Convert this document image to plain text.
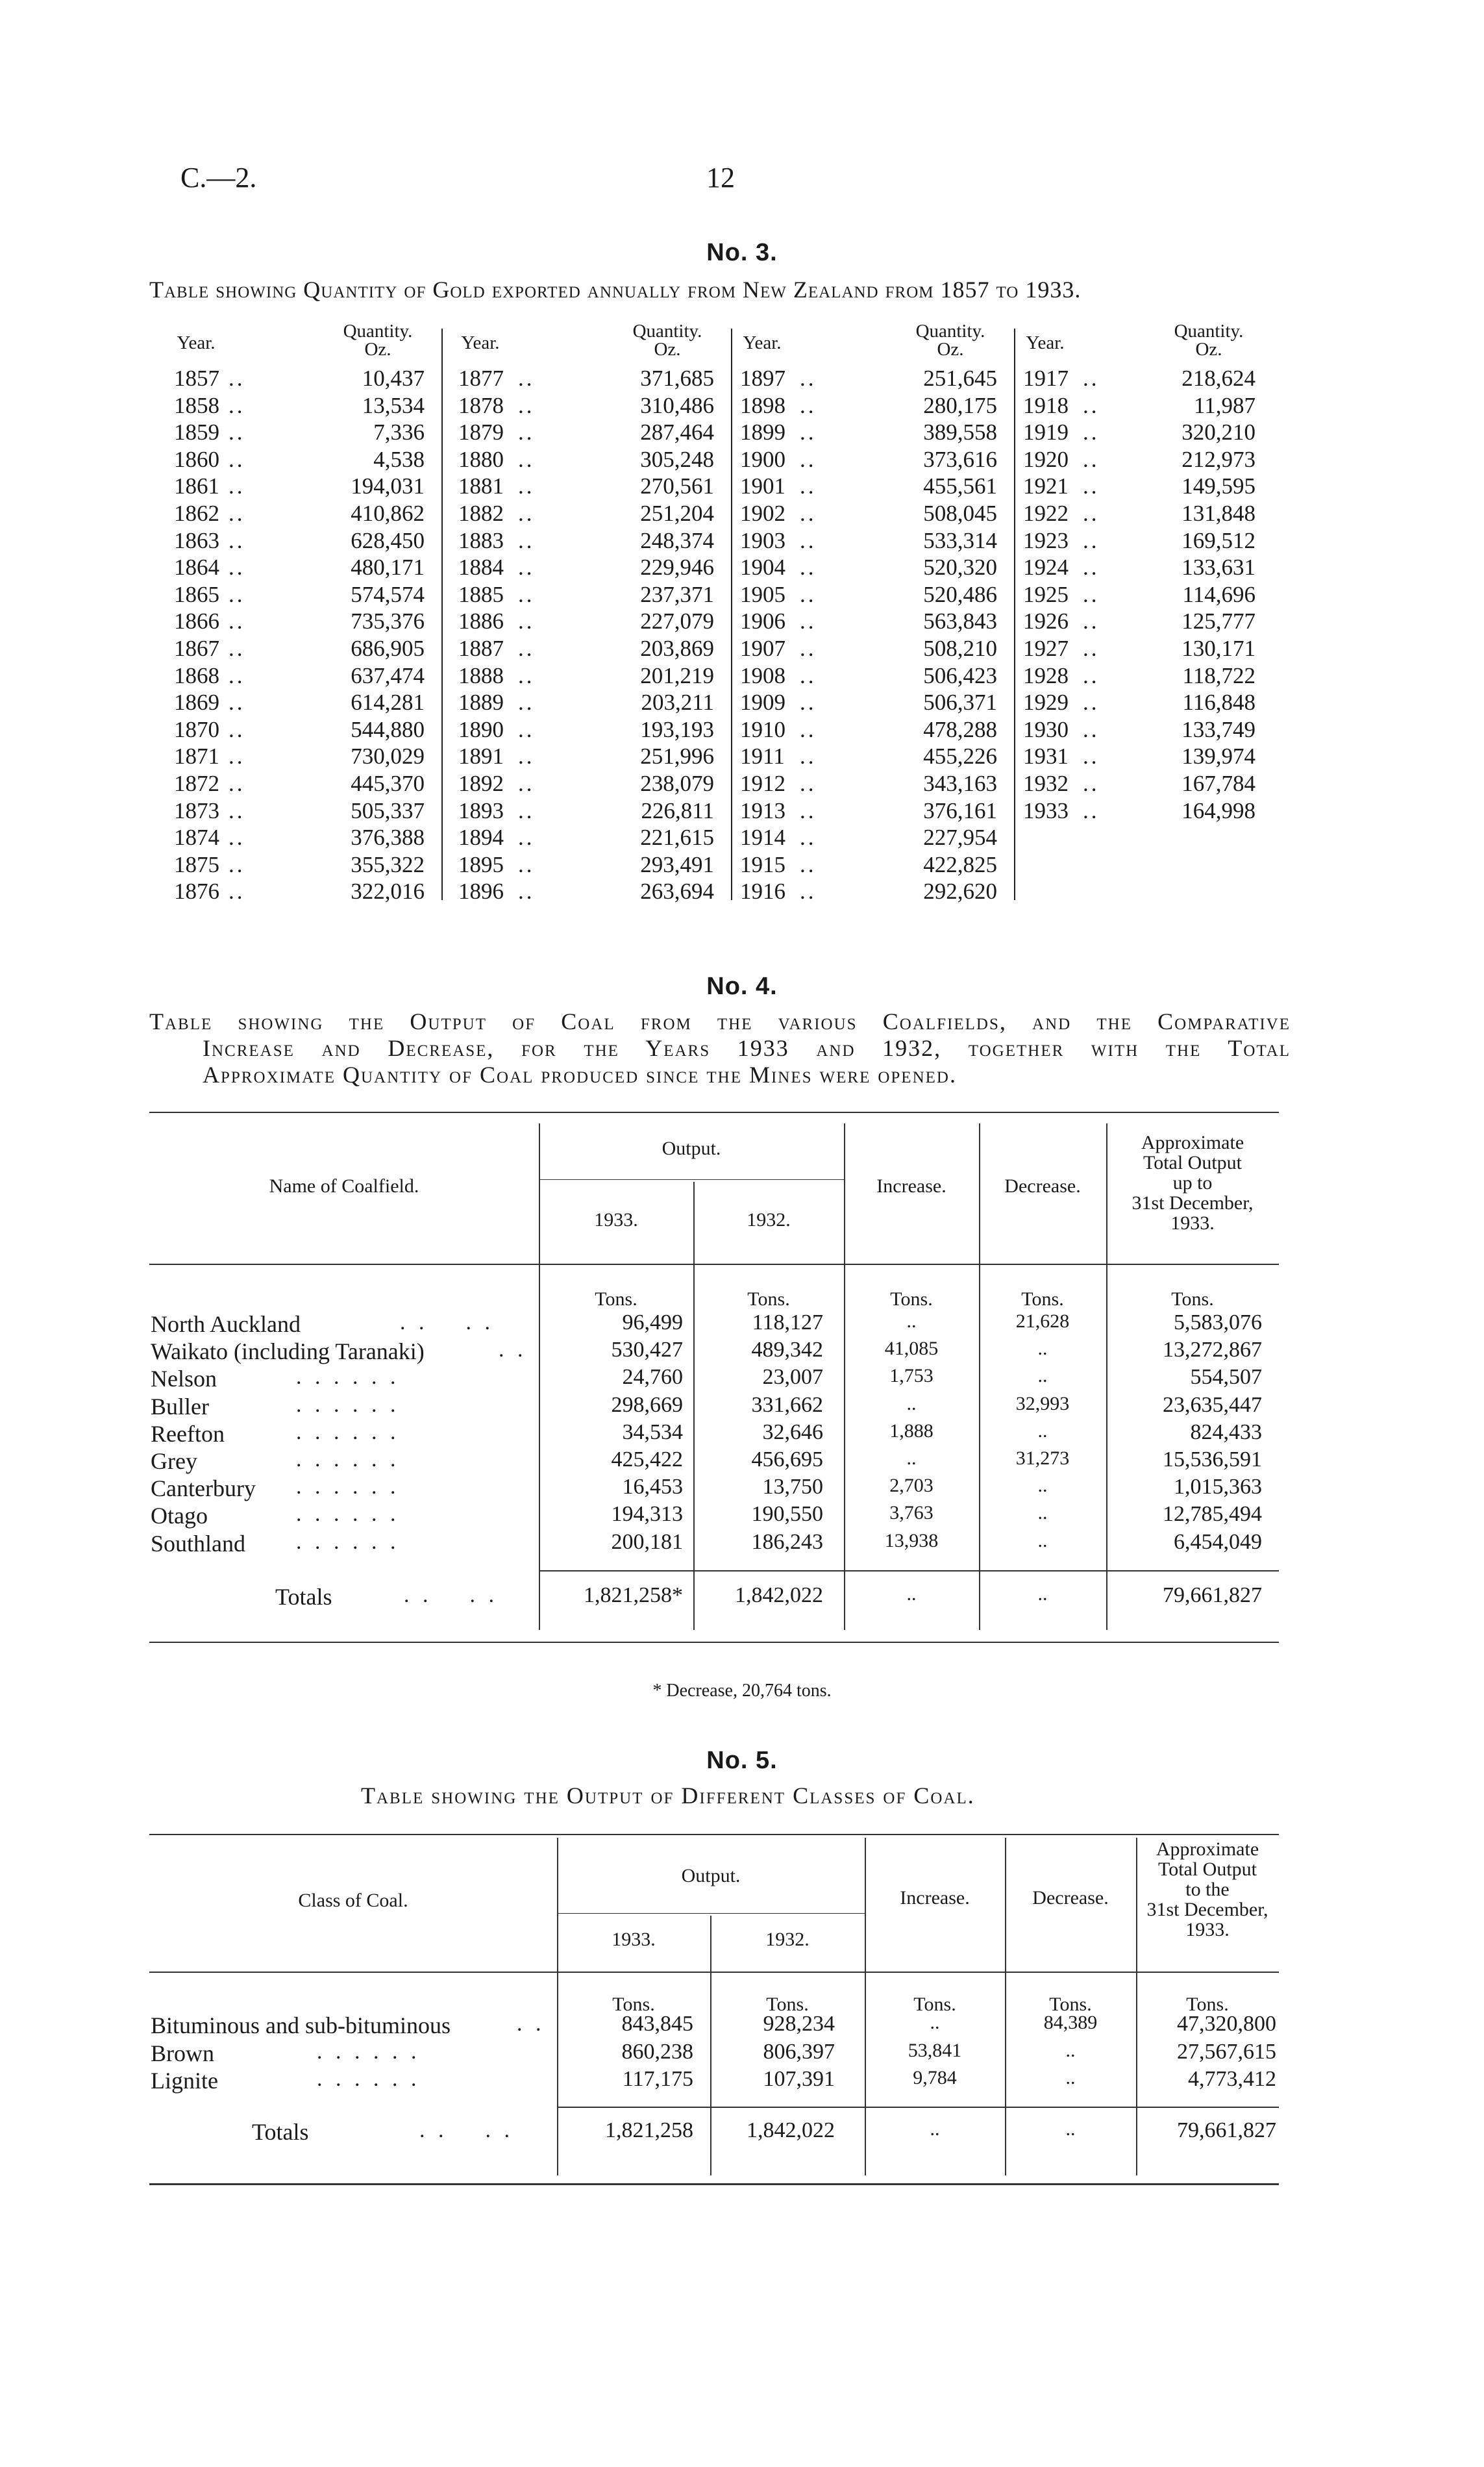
C.—2.	12
No. 3.
Table showing Quantity of Gold exported annually from New Zealand from 1857 to 1933.
Year.
Quantity.
Oz.
1857 ..	10,437
1858 ..	13,534
1859 ..	7,336
1860 ..	4,538
1861 ..	194,031
1862 ..	410,862
1863 ..	628,450
1864 ..	480,171
1865 ..	574,574
1866 ..	735,376
1867 ..	686,905
1868 ..	637,474
1869 ..	614,281
1870 ..	544,880
1871 ..	730,029
1872 ..	445,370
1873 ..	505,337
1874 ..	376,388
1875 ..	355,322
1876 ..	322,016
Year.
Quantity.
Oz.
1877 ..	371,685
1878 ..	310,486
1879 ..	287,464
1880 ..	305,248
1881 ..	270,561
1882 ..	251,204
1883 ..	248,374
1884 ..	229,946
1885 ..	237,371
1886 ..	227,079
1887 ..	203,869
1888 ..	201,219
1889 ..	203,211
1890 ..	193,193
1891 ..	251,996
1892 ..	238,079
1893 ..	226,811
1894 ..	221,615
1895 ..	293,491
1896 ..	263,694
Year.
Quantity.
Oz.
1897 ..	251,645
1898 ..	280,175
1899 ..	389,558
1900 ..	373,616
1901 ..	455,561
1902 ..	508,045
1903 ..	533,314
1904 ..	520,320
1905 ..	520,486
1906 ..	563,843
1907 ..	508,210
1908 ..	506,423
1909 ..	506,371
1910 ..	478,288
1911 ..	455,226
1912 ..	343,163
1913 ..	376,161
1914 ..	227,954
1915 ..	422,825
1916 ..	292,620
Year.
Quantity.
Oz.
1917 ..	218,624
1918 ..	11,987
1919 ..	320,210
1920 ..	212,973
1921 ..	149,595
1922 ..	131,848
1923 ..	169,512
1924 ..	133,631
1925 ..	114,696
1926 ..	125,777
1927 ..	130,171
1928 ..	118,722
1929 ..	116,848
1930 ..	133,749
1931 ..	139,974
1932 ..	167,784
1933 ..	164,998
No. 4.
Table showing the Output of Coal from the various Coalfields, and the Comparative
Increase and Decrease, for the Years 1933 and 1932, together with the Total
Approximate Quantity of Coal produced since the Mines were opened.
Name of Coalfield.
Output.
1933.	1932.
Increase.	Decrease.
Approximate
Total Output
up to
31st December,
1933.
Tons.	Tons.	Tons.	Tons.	Tons.
North Auckland	. .    . .	96,499	118,127	..	21,628	5,583,076
Waikato (including Taranaki)	. .	530,427	489,342	41,085	..	13,272,867
Nelson	. . . . . .	24,760	23,007	1,753	..	554,507
Buller	. . . . . .	298,669	331,662	..	32,993	23,635,447
Reefton	. . . . . .	34,534	32,646	1,888	..	824,433
Grey	. . . . . .	425,422	456,695	..	31,273	15,536,591
Canterbury . . . . . .	16,453	13,750	2,703	..	1,015,363
Otago	. . . . . .	194,313	190,550	3,763	..	12,785,494
Southland . . . . . .	200,181	186,243	13,938	..	6,454,049
Totals	. .    . .	1,821,258*	1,842,022	..	..	79,661,827
* Decrease, 20,764 tons.
No. 5.
Table showing the Output of Different Classes of Coal.
Class of Coal.
Output.
1933.	1932.
Increase.	Decrease.
Approximate
Total Output
to the
31st December,
1933.
Tons.	Tons.	Tons.	Tons.	Tons.
Bituminous and sub-bituminous	. .	843,845	928,234	..	84,389	47,320,800
Brown	. . . . . .	860,238	806,397	53,841	..	27,567,615
Lignite	. . . . . .	117,175	107,391	9,784	..	4,773,412
Totals	. .    . .	1,821,258	1,842,022	..	..	79,661,827
